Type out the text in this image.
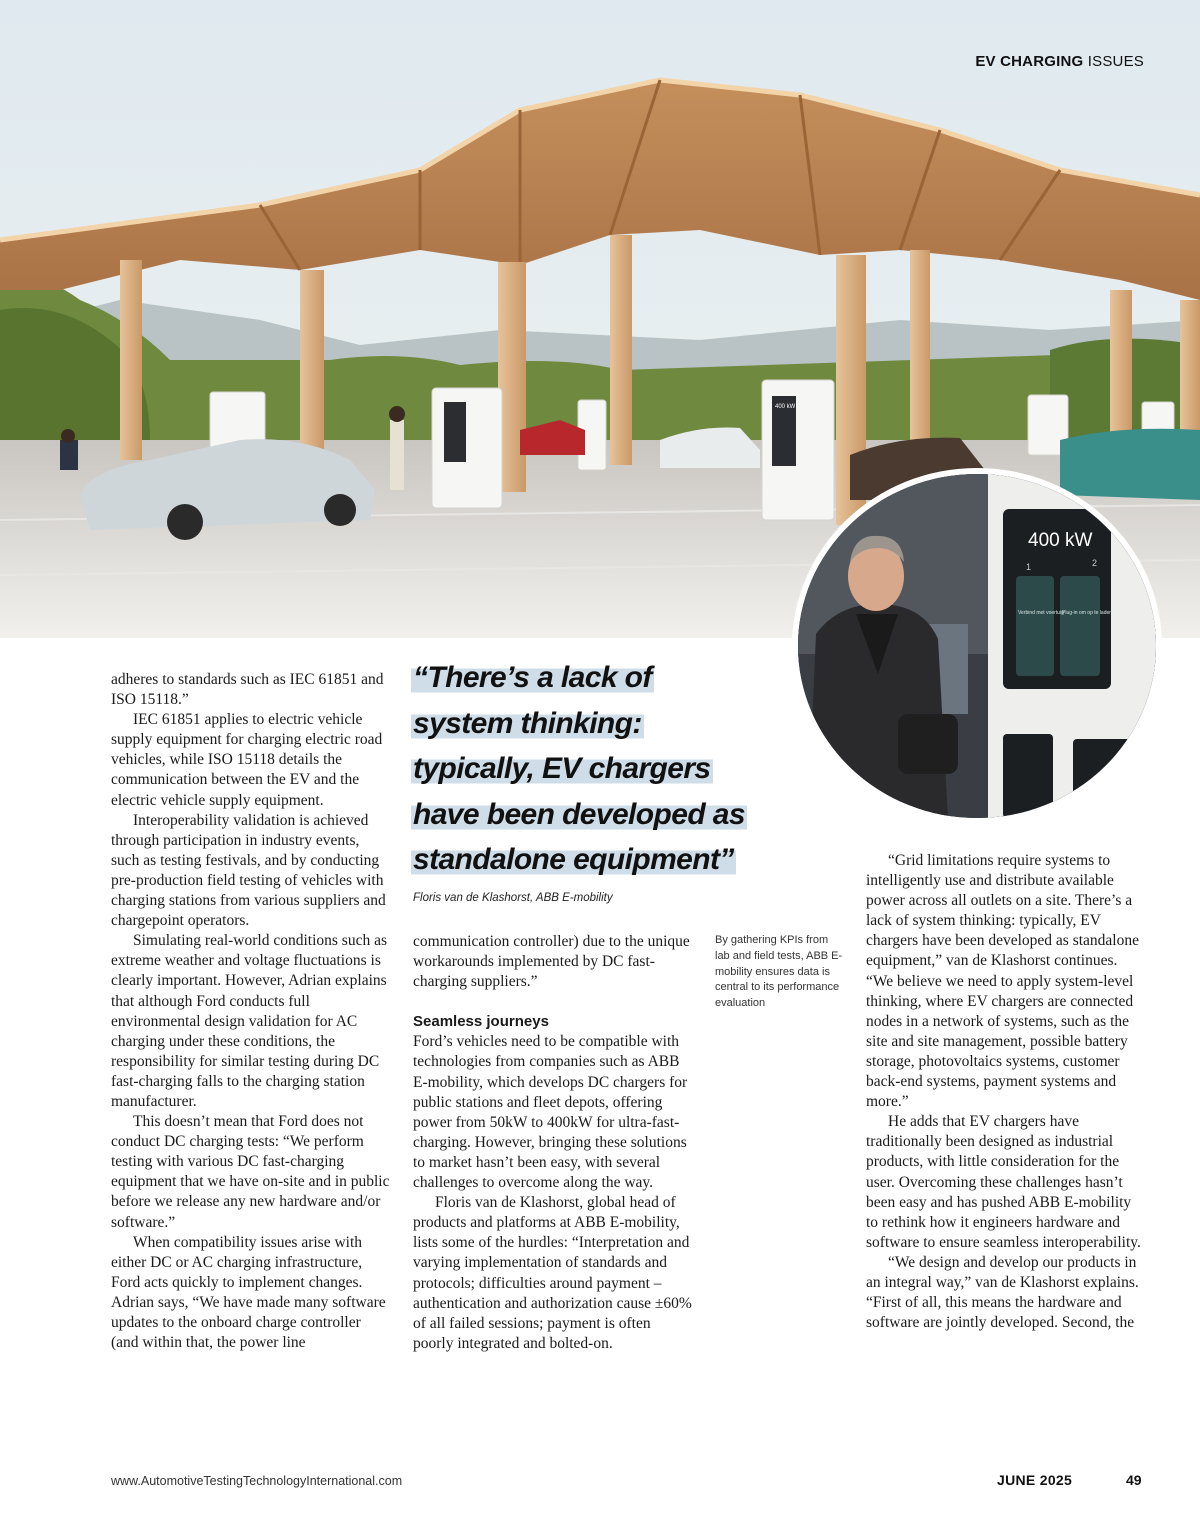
400 kW
EV CHARGING ISSUES
400 kW
1	2
Verbind met voertuig
Plug-in om op te laden

adheres to standards such as IEC 61851 and ISO 15118.”

IEC 61851 applies to electric vehicle supply equipment for charging electric road vehicles, while ISO 15118 details the communication between the EV and the electric vehicle supply equipment.

Interoperability validation is achieved through participation in industry events, such as testing festivals, and by conducting pre-production field testing of vehicles with charging stations from various suppliers and chargepoint operators.

Simulating real-world conditions such as extreme weather and voltage fluctuations is clearly important. However, Adrian explains that although Ford conducts full environmental design validation for AC charging under these conditions, the responsibility for similar testing during DC fast-charging falls to the charging station manufacturer.

This doesn’t mean that Ford does not conduct DC charging tests: “We perform testing with various DC fast-charging equipment that we have on-site and in public before we release any new hardware and/or software.”

When compatibility issues arise with either DC or AC charging infrastructure, Ford acts quickly to implement changes. Adrian says, “We have made many software updates to the onboard charge controller (and within that, the power line

“There’s a lack of
system thinking:
typically, EV chargers
have been developed as
standalone equipment”
Floris van de Klashorst, ABB E-mobility

communication controller) due to the unique workarounds implemented by DC fast-charging suppliers.”

Seamless journeys

Ford’s vehicles need to be compatible with technologies from companies such as ABB E-mobility, which develops DC chargers for public stations and fleet depots, offering power from 50kW to 400kW for ultra-fast-charging. However, bringing these solutions to market hasn’t been easy, with several challenges to overcome along the way.

Floris van de Klashorst, global head of products and platforms at ABB E-mobility, lists some of the hurdles: “Interpretation and varying implementation of standards and protocols; difficulties around payment – authentication and authorization cause ±60% of all failed sessions; payment is often poorly integrated and bolted-on.

By gathering KPIs from lab and field tests, ABB E-mobility ensures data is central to its performance evaluation

“Grid limitations require systems to intelligently use and distribute available power across all outlets on a site. There’s a lack of system thinking: typically, EV chargers have been developed as standalone equipment,” van de Klashorst continues. “We believe we need to apply system-level thinking, where EV chargers are connected nodes in a network of systems, such as the site and site management, possible battery storage, photovoltaics systems, customer back-end systems, payment systems and more.”

He adds that EV chargers have traditionally been designed as industrial products, with little consideration for the user. Overcoming these challenges hasn’t been easy and has pushed ABB E-mobility to rethink how it engineers hardware and software to ensure seamless interoperability.

“We design and develop our products in an integral way,” van de Klashorst explains. “First of all, this means the hardware and software are jointly developed. Second, the

www.AutomotiveTestingTechnologyInternational.com	JUNE 2025	49
